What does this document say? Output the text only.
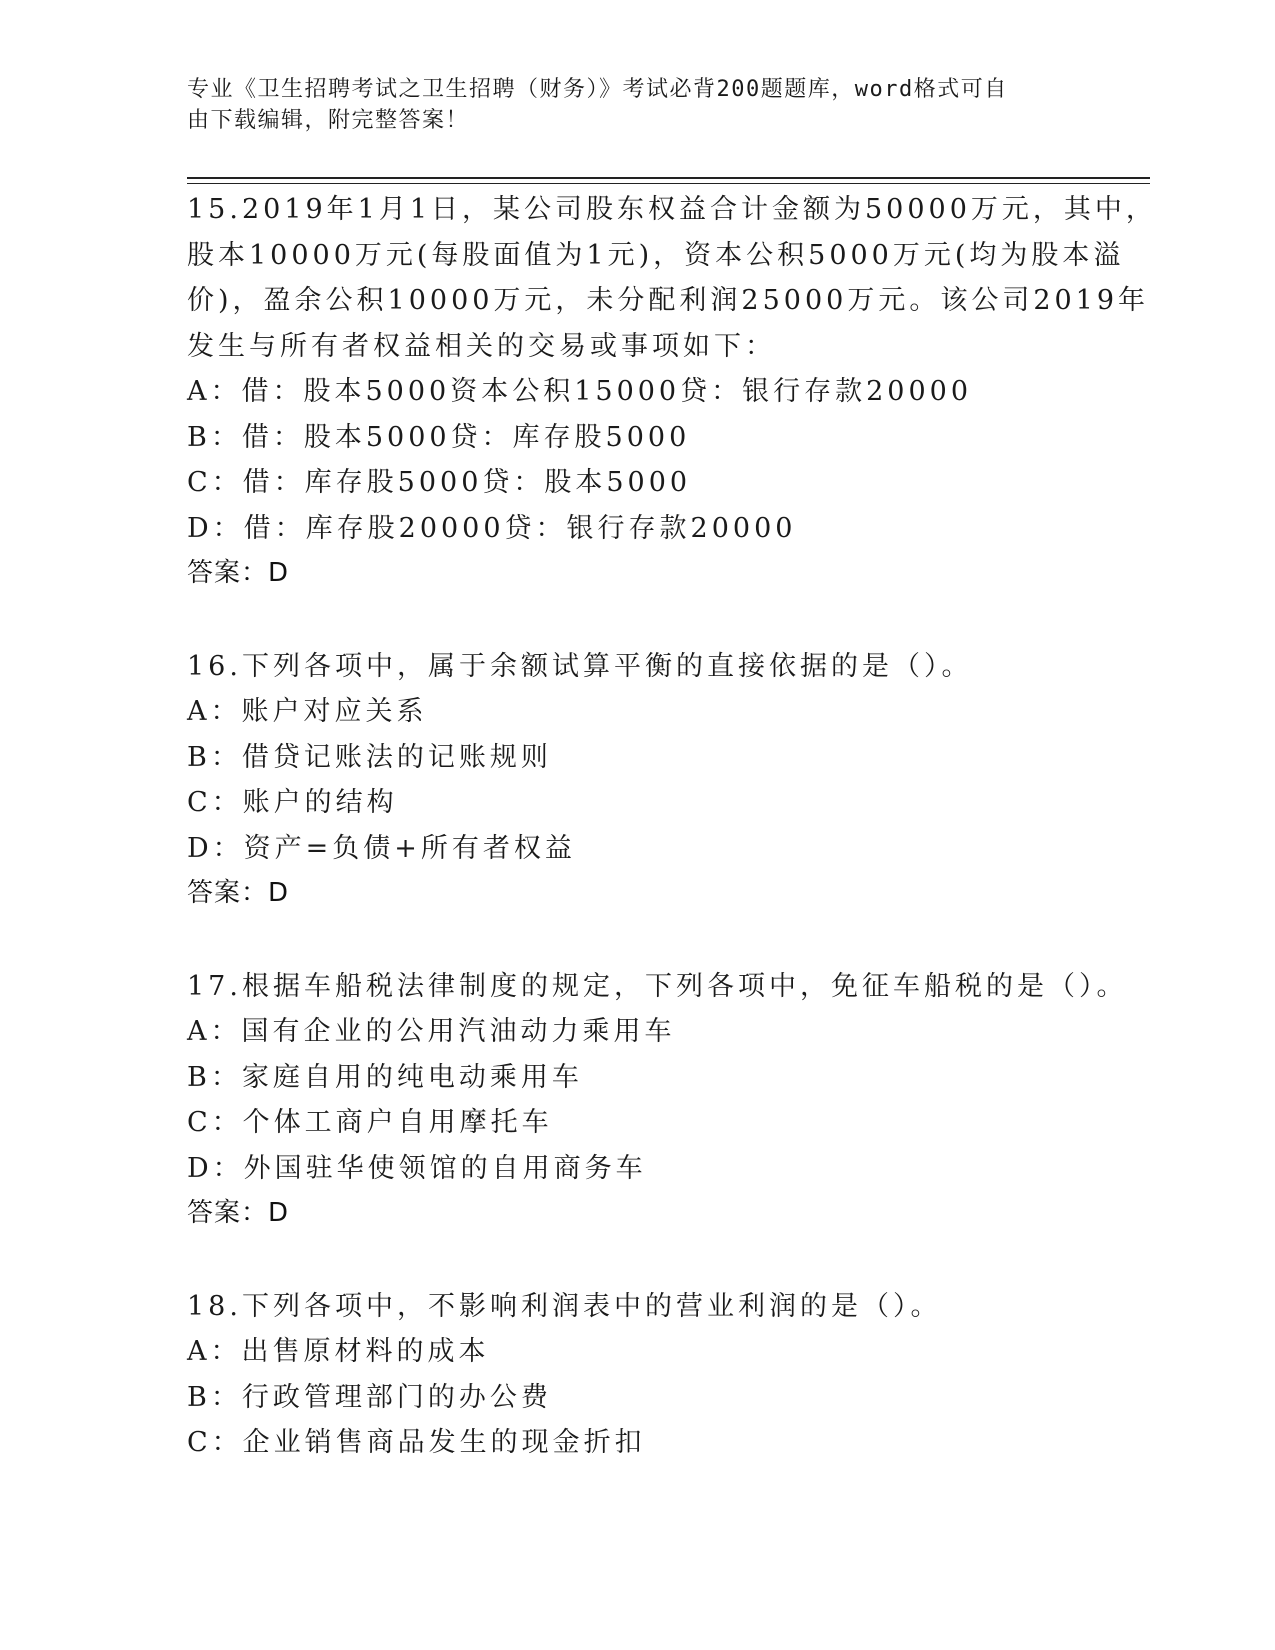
专业《卫生招聘考试之卫生招聘（财务）》考试必背200题题库，word格式可自
由下载编辑，附完整答案！
15.2019年1月1日，某公司股东权益合计金额为50000万元，其中，
股本10000万元(每股面值为1元)，资本公积5000万元(均为股本溢
价)，盈余公积10000万元，未分配利润25000万元。该公司2019年
发生与所有者权益相关的交易或事项如下：
A：借：股本5000资本公积15000贷：银行存款20000
B：借：股本5000贷：库存股5000
C：借：库存股5000贷：股本5000
D：借：库存股20000贷：银行存款20000
答案：D
16.下列各项中，属于余额试算平衡的直接依据的是（）。
A：账户对应关系
B：借贷记账法的记账规则
C：账户的结构
D：资产=负债+所有者权益
答案：D
17.根据车船税法律制度的规定，下列各项中，免征车船税的是（）。
A：国有企业的公用汽油动力乘用车
B：家庭自用的纯电动乘用车
C：个体工商户自用摩托车
D：外国驻华使领馆的自用商务车
答案：D
18.下列各项中，不影响利润表中的营业利润的是（）。
A：出售原材料的成本
B：行政管理部门的办公费
C：企业销售商品发生的现金折扣
